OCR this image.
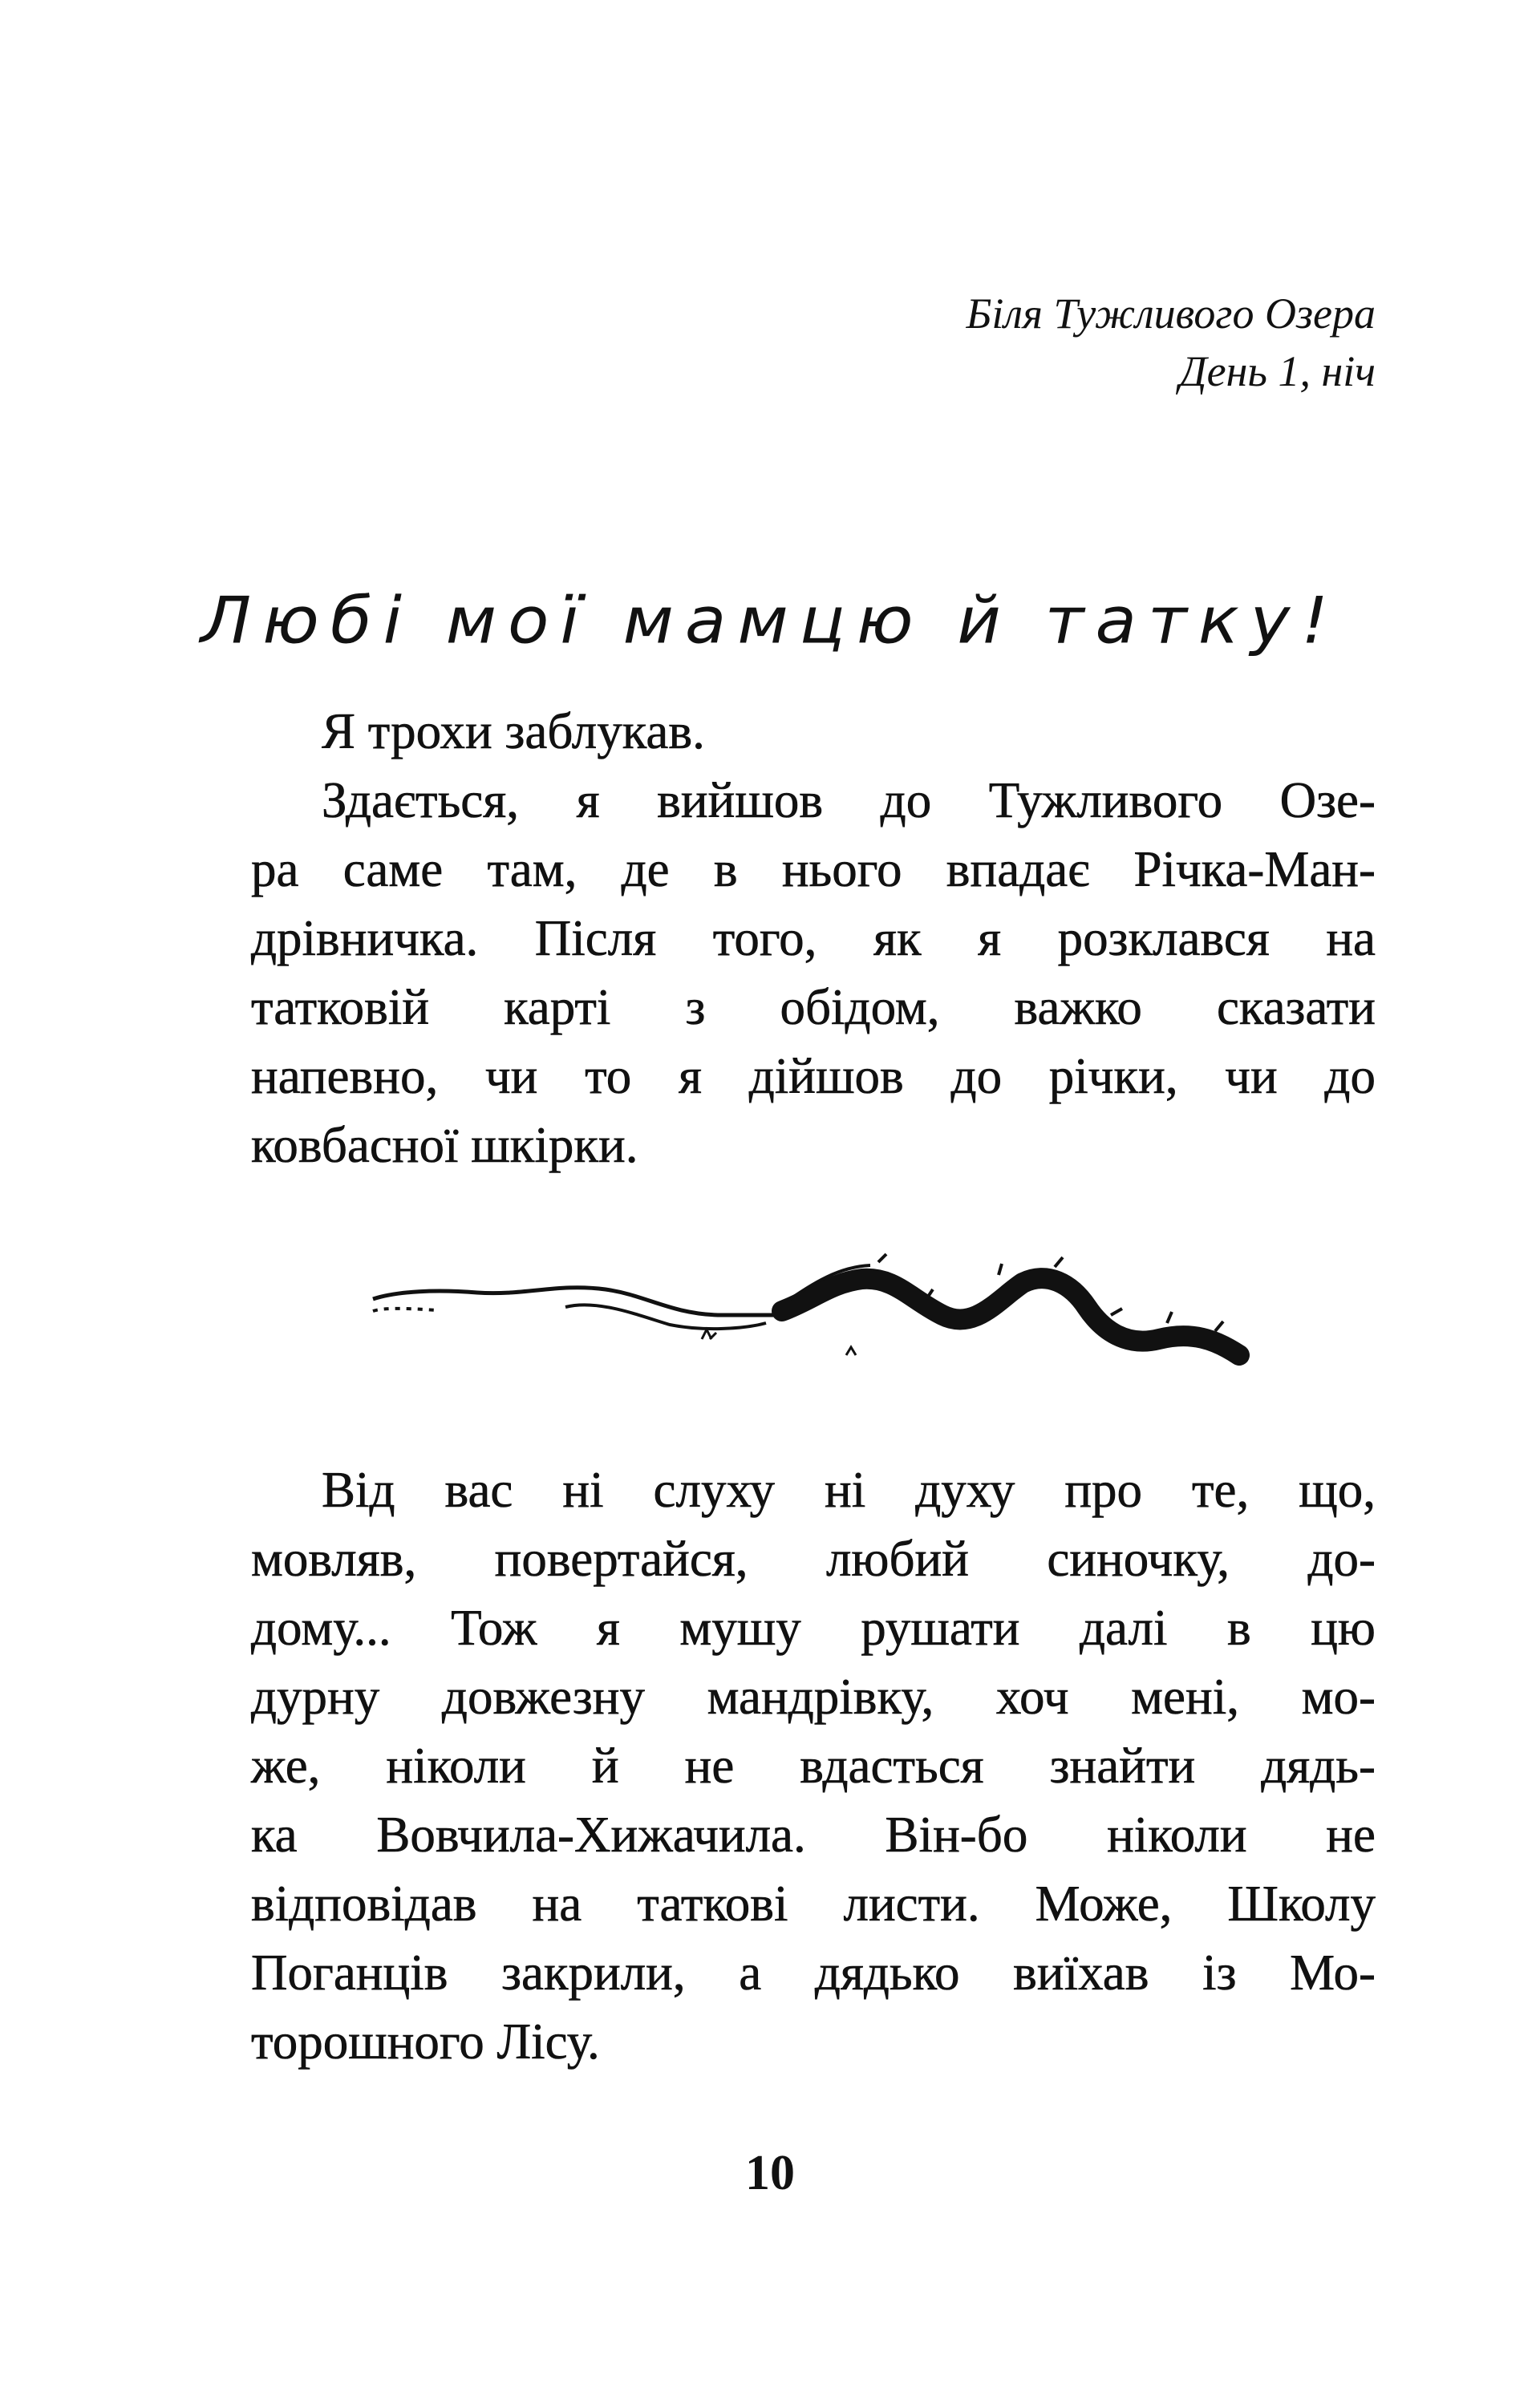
Біля Тужливого Озера
День 1, ніч
Любі мої мамцю й татку!
Я трохи заблукав.
Здається, я вийшов до Тужливого Озе-
ра саме там, де в нього впадає Річка-Ман-
дрівничка. Після того, як я розклався на
татковій карті з обідом, важко сказати
напевно, чи то я дійшов до річки, чи до
ковбасної шкірки.
Від вас ні слуху ні духу про те, що,
мовляв, повертайся, любий синочку, до-
дому... Тож я мушу рушати далі в цю
дурну довжезну мандрівку, хоч мені, мо-
же, ніколи й не вдасться знайти дядь-
ка Вовчила-Хижачила. Він-бо ніколи не
відповідав на таткові листи. Може, Школу
Поганців закрили, а дядько виїхав із Мо-
торошного Лісу.
10
